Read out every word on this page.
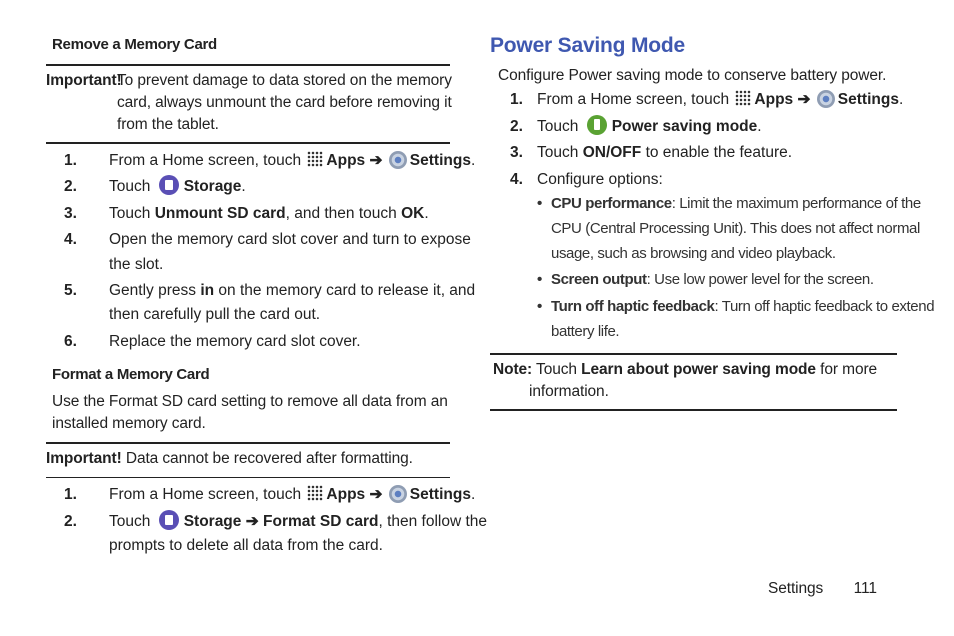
Remove a Memory Card
Important!
To prevent damage to data stored on the memory
card, always unmount the card before removing it
from the tablet.
1.	From a Home screen, touch Apps ➔ Settings.
2.	Touch Storage.
3.	Touch Unmount SD card, and then touch OK.
4.	Open the memory card slot cover and turn to expose
the slot.
5.	Gently press in on the memory card to release it, and
then carefully pull the card out.
6.	Replace the memory card slot cover.
Format a Memory Card
Use the Format SD card setting to remove all data from an
installed memory card.
Important! Data cannot be recovered after formatting.
1.	From a Home screen, touch Apps ➔ Settings.
2.	Touch Storage ➔ Format SD card, then follow the
prompts to delete all data from the card.
Power Saving Mode
Configure Power saving mode to conserve battery power.
1. From a Home screen, touch Apps ➔ Settings.
2. Touch Power saving mode.
3. Touch ON/OFF to enable the feature.
4. Configure options:
• CPU performance: Limit the maximum performance of the
CPU (Central Processing Unit). This does not affect normal
usage, such as browsing and video playback.
• Screen output: Use low power level for the screen.
• Turn off haptic feedback: Turn off haptic feedback to extend
battery life.
Note: Touch Learn about power saving mode for more
information.
Settings 111
